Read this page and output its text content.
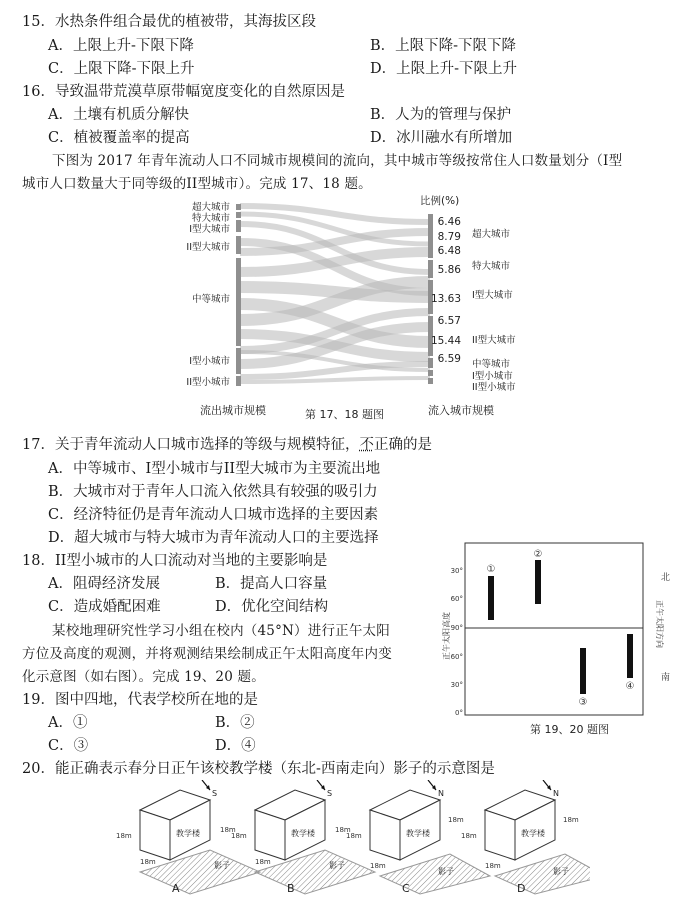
15．水热条件组合最优的植被带，其海拔区段
A．上限上升-下限下降	B．上限下降-下限下降
C．上限下降-下限上升	D．上限上升-下限上升
16．导致温带荒漠草原带幅宽度变化的自然原因是
A．土壤有机质分解快	B．人为的管理与保护
C．植被覆盖率的提高	D．冰川融水有所增加
下图为 2017 年青年流动人口不同城市规模间的流向，其中城市等级按常住人口数量划分（I型
城市人口数量大于同等级的II型城市）。完成 17、18 题。
超大城市
特大城市
I型大城市
II型大城市
中等城市
I型小城市
II型小城市
超大城市
特大城市
I型大城市
II型大城市
中等城市
I型小城市
II型小城市
比例(%)
6.46
8.79
6.48
5.86
13.63
6.57
15.44
6.59
流出城市规模	第 17、18 题图	流入城市规模
17．关于青年流动人口城市选择的等级与规模特征，不正确的是
A．中等城市、I型小城市与II型大城市为主要流出地
B．大城市对于青年人口流入依然具有较强的吸引力
C．经济特征仍是青年流动人口城市选择的主要因素
D．超大城市与特大城市为青年流动人口的主要选择
18．II型小城市的人口流动对当地的主要影响是
A．阻碍经济发展	B．提高人口容量
C．造成婚配困难	D．优化空间结构
某校地理研究性学习小组在校内（45°N）进行正午太阳
方位及高度的观测，并将观测结果绘制成正午太阳高度年内变
化示意图（如右图）。完成 19、20 题。
19．图中四地，代表学校所在地的是
A．①	B．②
C．③	D．④
30°
60°
90°
60°
30°
0°
正午太阳高度
①
②
③
④
北
正午太阳方向
南
第 19、20 题图
20．能正确表示春分日正午该校教学楼（东北-西南走向）影子的示意图是
教学楼
影子
18m
18m
18m
S
A
教学楼
影子
18m
18m
18m
S
B
教学楼
影子
18m
18m
18m
N
C
教学楼
影子
18m
18m
18m
N
D
